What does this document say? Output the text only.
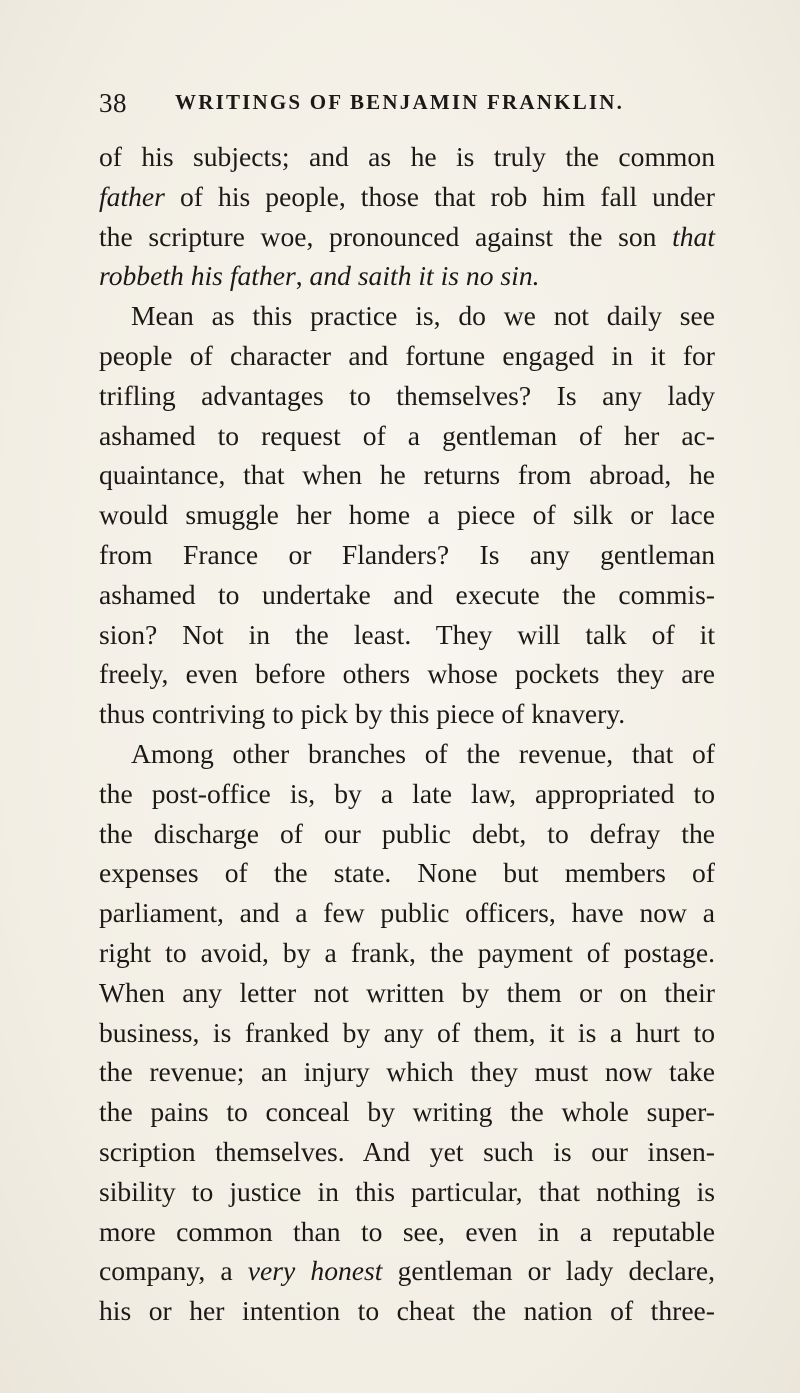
38 WRITINGS OF BENJAMIN FRANKLIN.
of his subjects; and as he is truly the common
father of his people, those that rob him fall under
the scripture woe, pronounced against the son that
robbeth his father, and saith it is no sin.
Mean as this practice is, do we not daily see
people of character and fortune engaged in it for
trifling advantages to themselves? Is any lady
ashamed to request of a gentleman of her ac-
quaintance, that when he returns from abroad, he
would smuggle her home a piece of silk or lace
from France or Flanders? Is any gentleman
ashamed to undertake and execute the commis-
sion? Not in the least. They will talk of it
freely, even before others whose pockets they are
thus contriving to pick by this piece of knavery.
Among other branches of the revenue, that of
the post-office is, by a late law, appropriated to
the discharge of our public debt, to defray the
expenses of the state. None but members of
parliament, and a few public officers, have now a
right to avoid, by a frank, the payment of postage.
When any letter not written by them or on their
business, is franked by any of them, it is a hurt to
the revenue; an injury which they must now take
the pains to conceal by writing the whole super-
scription themselves. And yet such is our insen-
sibility to justice in this particular, that nothing is
more common than to see, even in a reputable
company, a very honest gentleman or lady declare,
his or her intention to cheat the nation of three-
